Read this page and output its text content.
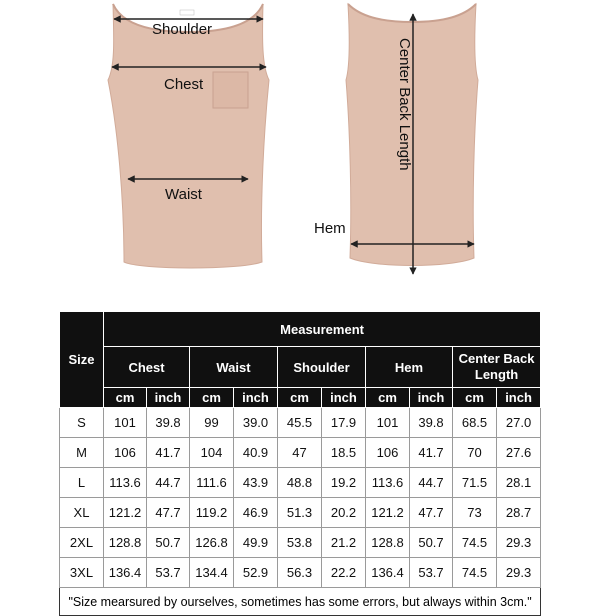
Shoulder
Chest
Waist
Hem
Center Back Length
Size	Measurement									
	Chest		Waist		Shoulder		Hem		Center Back Length	
	cm	inch	cm	inch	cm	inch	cm	inch	cm	inch
S	101	39.8	99	39.0	45.5	17.9	101	39.8	68.5	27.0
M	106	41.7	104	40.9	47	18.5	106	41.7	70	27.6
L	113.6	44.7	111.6	43.9	48.8	19.2	113.6	44.7	71.5	28.1
XL	121.2	47.7	119.2	46.9	51.3	20.2	121.2	47.7	73	28.7
2XL	128.8	50.7	126.8	49.9	53.8	21.2	128.8	50.7	74.5	29.3
3XL	136.4	53.7	134.4	52.9	56.3	22.2	136.4	53.7	74.5	29.3
"Size mearsured by ourselves, sometimes has some errors, but always within 3cm."										
